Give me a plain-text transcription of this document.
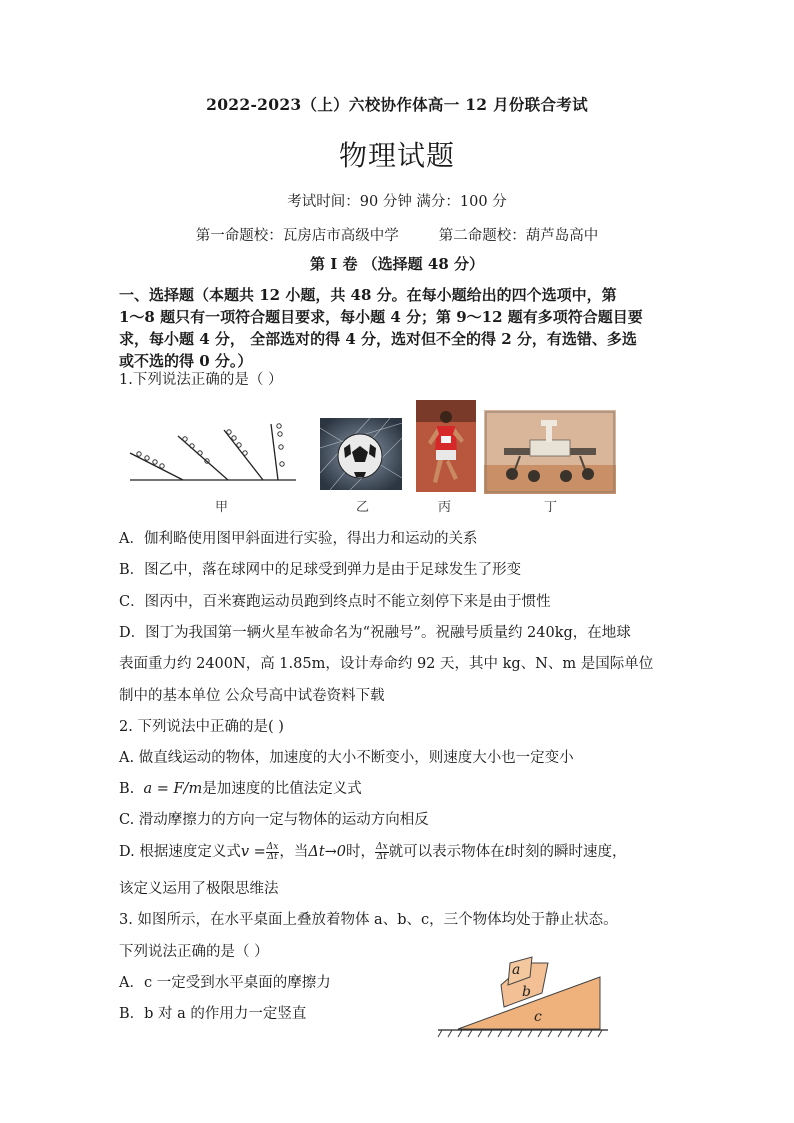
2022-2023（上）六校协作体高一 12 月份联合考试
物理试题
考试时间：90 分钟 满分：100 分
第一命题校：瓦房店市高级中学	第二命题校：葫芦岛高中
第 I 卷 （选择题 48 分）
一、选择题（本题共 12 小题，共 48 分。在每小题给出的四个选项中，第
1～8 题只有一项符合题目要求，每小题 4 分；第 9～12 题有多项符合题目要
求，每小题 4 分， 全部选对的得 4 分，选对但不全的得 2 分，有选错、多选
或不选的得 0 分。）
1.下列说法正确的是（ ）
甲	乙	丙	丁
A．伽利略使用图甲斜面进行实验，得出力和运动的关系
B．图乙中，落在球网中的足球受到弹力是由于足球发生了形变
C．图丙中，百米赛跑运动员跑到终点时不能立刻停下来是由于惯性
D．图丁为我国第一辆火星车被命名为“祝融号”。祝融号质量约 240kg，在地球
表面重力约 2400N，高 1.85m，设计寿命约 92 天，其中 kg、N、m 是国际单位
制中的基本单位 公众号高中试卷资料下载
2. 下列说法中正确的是( )
A. 做直线运动的物体，加速度的大小不断变小，则速度大小也一定变小
B.  a = F/m是加速度的比值法定义式
C. 滑动摩擦力的方向一定与物体的运动方向相反
D. 根据速度定义式$v = \frac{\Delta x}{\Delta t}$ ，当Δt→0时， $\frac{\Delta x}{\Delta t}$ 就可以表示物体在t时刻的瞬时速度，
该定义运用了极限思维法
3. 如图所示，在水平桌面上叠放着物体 a、b、c，三个物体均处于静止状态。
下列说法正确的是（ ）
A．c 一定受到水平桌面的摩擦力
B．b 对 a 的作用力一定竖直
a
b
c
